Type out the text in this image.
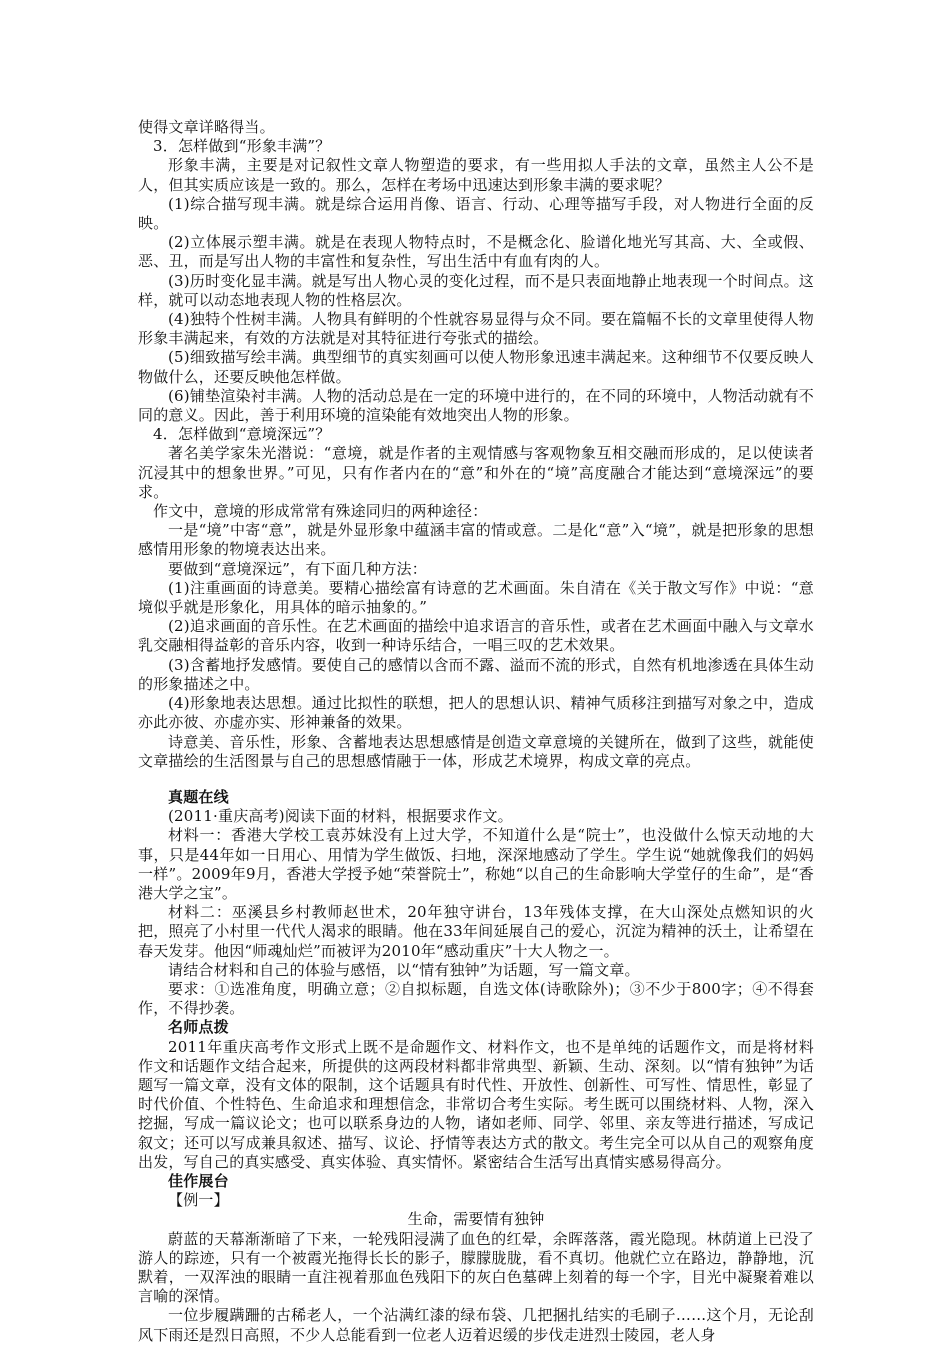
使得文章详略得当。

3．怎样做到“形象丰满”？

形象丰满，主要是对记叙性文章人物塑造的要求，有一些用拟人手法的文章，虽然主人公不是人，但其实质应该是一致的。那么，怎样在考场中迅速达到形象丰满的要求呢？

(1)综合描写现丰满。就是综合运用肖像、语言、行动、心理等描写手段，对人物进行全面的反映。

(2)立体展示塑丰满。就是在表现人物特点时，不是概念化、脸谱化地光写其高、大、全或假、恶、丑，而是写出人物的丰富性和复杂性，写出生活中有血有肉的人。

(3)历时变化显丰满。就是写出人物心灵的变化过程，而不是只表面地静止地表现一个时间点。这样，就可以动态地表现人物的性格层次。

(4)独特个性树丰满。人物具有鲜明的个性就容易显得与众不同。要在篇幅不长的文章里使得人物形象丰满起来，有效的方法就是对其特征进行夸张式的描绘。

(5)细致描写绘丰满。典型细节的真实刻画可以使人物形象迅速丰满起来。这种细节不仅要反映人物做什么，还要反映他怎样做。

(6)铺垫渲染衬丰满。人物的活动总是在一定的环境中进行的，在不同的环境中，人物活动就有不同的意义。因此，善于利用环境的渲染能有效地突出人物的形象。

4．怎样做到“意境深远”？

著名美学家朱光潜说：“意境，就是作者的主观情感与客观物象互相交融而形成的，足以使读者沉浸其中的想象世界。”可见，只有作者内在的“意”和外在的“境”高度融合才能达到“意境深远”的要求。

作文中，意境的形成常常有殊途同归的两种途径：

一是“境”中寄“意”，就是外显形象中蕴涵丰富的情或意。二是化“意”入“境”，就是把形象的思想感情用形象的物境表达出来。

要做到“意境深远”，有下面几种方法：

(1)注重画面的诗意美。要精心描绘富有诗意的艺术画面。朱自清在《关于散文写作》中说：“意境似乎就是形象化，用具体的暗示抽象的。”

(2)追求画面的音乐性。在艺术画面的描绘中追求语言的音乐性，或者在艺术画面中融入与文章水乳交融相得益彰的音乐内容，收到一种诗乐结合，一唱三叹的艺术效果。

(3)含蓄地抒发感情。要使自己的感情以含而不露、溢而不流的形式，自然有机地渗透在具体生动的形象描述之中。

(4)形象地表达思想。通过比拟性的联想，把人的思想认识、精神气质移注到描写对象之中，造成亦此亦彼、亦虚亦实、形神兼备的效果。

诗意美、音乐性，形象、含蓄地表达思想感情是创造文章意境的关键所在，做到了这些，就能使文章描绘的生活图景与自己的思想感情融于一体，形成艺术境界，构成文章的亮点。

真题在线

(2011·重庆高考)阅读下面的材料，根据要求作文。

材料一：香港大学校工袁苏妹没有上过大学，不知道什么是“院士”，也没做什么惊天动地的大事，只是44年如一日用心、用情为学生做饭、扫地，深深地感动了学生。学生说“她就像我们的妈妈一样”。2009年9月，香港大学授予她“荣誉院士”，称她“以自己的生命影响大学堂仔的生命”，是“香港大学之宝”。

材料二：巫溪县乡村教师赵世术，20年独守讲台，13年残体支撑，在大山深处点燃知识的火把，照亮了小村里一代代人渴求的眼睛。他在33年间延展自己的爱心，沉淀为精神的沃土，让希望在春天发芽。他因“师魂灿烂”而被评为2010年“感动重庆”十大人物之一。

请结合材料和自己的体验与感悟，以“情有独钟”为话题，写一篇文章。

要求：①选准角度，明确立意；②自拟标题，自选文体(诗歌除外)；③不少于800字；④不得套作，不得抄袭。

名师点拨

2011年重庆高考作文形式上既不是命题作文、材料作文，也不是单纯的话题作文，而是将材料作文和话题作文结合起来，所提供的这两段材料都非常典型、新颖、生动、深刻。以“情有独钟”为话题写一篇文章，没有文体的限制，这个话题具有时代性、开放性、创新性、可写性、情思性，彰显了时代价值、个性特色、生命追求和理想信念，非常切合考生实际。考生既可以围绕材料、人物，深入挖掘，写成一篇议论文；也可以联系身边的人物，诸如老师、同学、邻里、亲友等进行描述，写成记叙文；还可以写成兼具叙述、描写、议论、抒情等表达方式的散文。考生完全可以从自己的观察角度出发，写自己的真实感受、真实体验、真实情怀。紧密结合生活写出真情实感易得高分。

佳作展台

【例一】

生命，需要情有独钟

蔚蓝的天幕渐渐暗了下来，一轮残阳浸满了血色的红晕，余晖落落，霞光隐现。林荫道上已没了游人的踪迹，只有一个被霞光拖得长长的影子，朦朦胧胧，看不真切。他就伫立在路边，静静地，沉默着，一双浑浊的眼睛一直注视着那血色残阳下的灰白色墓碑上刻着的每一个字，目光中凝聚着难以言喻的深情。

一位步履蹒跚的古稀老人，一个沾满红漆的绿布袋、几把捆扎结实的毛刷子……这个月，无论刮风下雨还是烈日高照，不少人总能看到一位老人迈着迟缓的步伐走进烈士陵园，老人身
